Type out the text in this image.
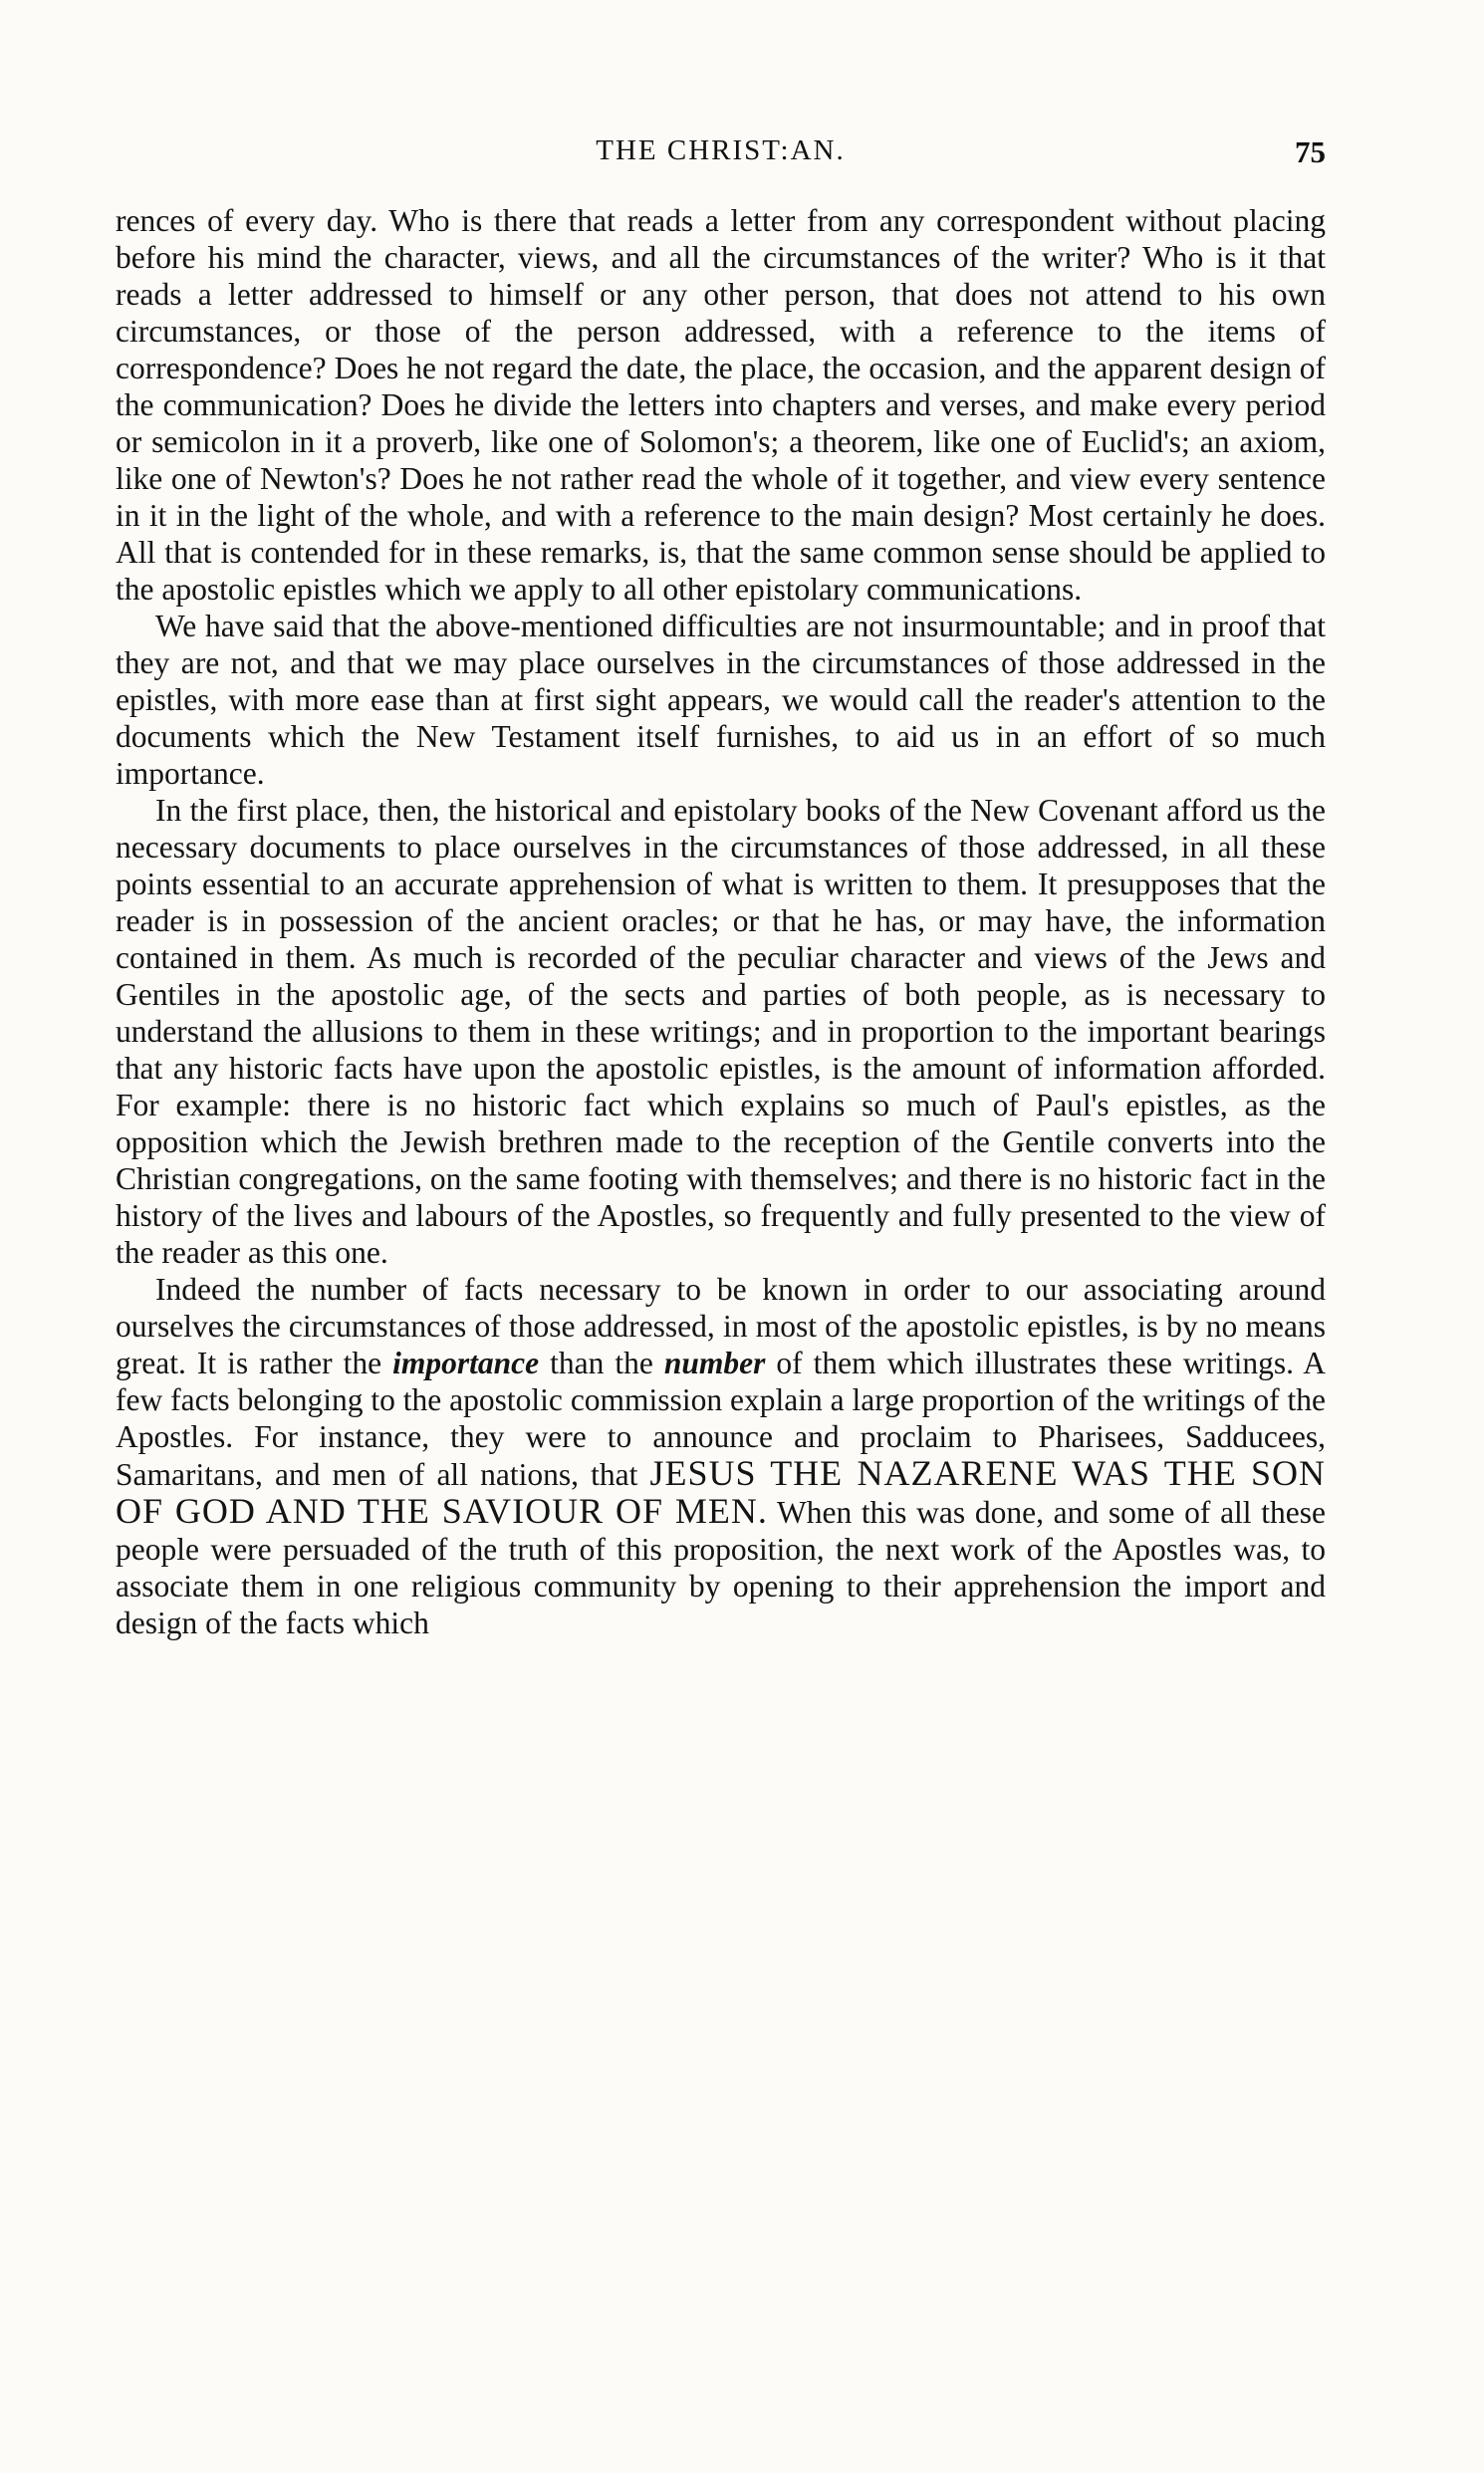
THE CHRIST:AN.	75

rences of every day. Who is there that reads a letter from any correspondent without placing before his mind the character, views, and all the circumstances of the writer? Who is it that reads a letter addressed to himself or any other person, that does not attend to his own circumstances, or those of the person addressed, with a reference to the items of correspondence? Does he not regard the date, the place, the occasion, and the apparent design of the communication? Does he divide the letters into chapters and verses, and make every period or semicolon in it a proverb, like one of Solomon's; a theorem, like one of Euclid's; an axiom, like one of Newton's? Does he not rather read the whole of it together, and view every sentence in it in the light of the whole, and with a reference to the main design? Most certainly he does. All that is contended for in these remarks, is, that the same common sense should be applied to the apostolic epistles which we apply to all other epistolary communications.

We have said that the above-mentioned difficulties are not insurmountable; and in proof that they are not, and that we may place ourselves in the circumstances of those addressed in the epistles, with more ease than at first sight appears, we would call the reader's attention to the documents which the New Testament itself furnishes, to aid us in an effort of so much importance.

In the first place, then, the historical and epistolary books of the New Covenant afford us the necessary documents to place ourselves in the circumstances of those addressed, in all these points essential to an accurate apprehension of what is written to them. It presupposes that the reader is in possession of the ancient oracles; or that he has, or may have, the information contained in them. As much is recorded of the peculiar character and views of the Jews and Gentiles in the apostolic age, of the sects and parties of both people, as is necessary to understand the allusions to them in these writings; and in proportion to the important bearings that any historic facts have upon the apostolic epistles, is the amount of information afforded. For example: there is no historic fact which explains so much of Paul's epistles, as the opposition which the Jewish brethren made to the reception of the Gentile converts into the Christian congregations, on the same footing with themselves; and there is no historic fact in the history of the lives and labours of the Apostles, so frequently and fully presented to the view of the reader as this one.

Indeed the number of facts necessary to be known in order to our associating around ourselves the circumstances of those addressed, in most of the apostolic epistles, is by no means great. It is rather the importance than the number of them which illustrates these writings. A few facts belonging to the apostolic commission explain a large proportion of the writings of the Apostles. For instance, they were to announce and proclaim to Pharisees, Sadducees, Samaritans, and men of all nations, that JESUS THE NAZARENE WAS THE SON OF GOD AND THE SAVIOUR OF MEN. When this was done, and some of all these people were persuaded of the truth of this proposition, the next work of the Apostles was, to associate them in one religious community by opening to their apprehension the import and design of the facts which
